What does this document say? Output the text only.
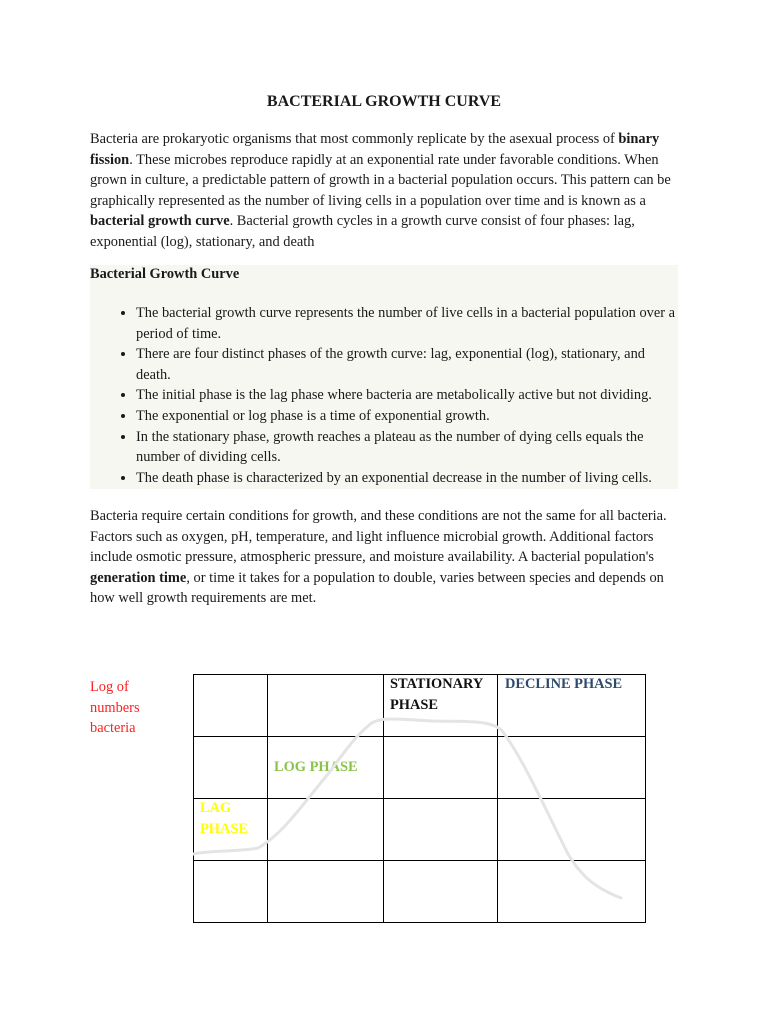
BACTERIAL GROWTH CURVE

Bacteria are prokaryotic organisms that most commonly replicate by the asexual process of binary fission. These microbes reproduce rapidly at an exponential rate under favorable conditions. When grown in culture, a predictable pattern of growth in a bacterial population occurs. This pattern can be graphically represented as the number of living cells in a population over time and is known as a bacterial growth curve. Bacterial growth cycles in a growth curve consist of four phases: lag, exponential (log), stationary, and death

Bacterial Growth Curve
• The bacterial growth curve represents the number of live cells in a bacterial population over a period of time.
• There are four distinct phases of the growth curve: lag, exponential (log), stationary, and death.
• The initial phase is the lag phase where bacteria are metabolically active but not dividing.
• The exponential or log phase is a time of exponential growth.
• In the stationary phase, growth reaches a plateau as the number of dying cells equals the number of dividing cells.
• The death phase is characterized by an exponential decrease in the number of living cells.

Bacteria require certain conditions for growth, and these conditions are not the same for all bacteria. Factors such as oxygen, pH, temperature, and light influence microbial growth. Additional factors include osmotic pressure, atmospheric pressure, and moisture availability. A bacterial population's generation time, or time it takes for a population to double, varies between species and depends on how well growth requirements are met.

Log of numbers bacteria

LAG PHASE
LOG PHASE
STATIONARY PHASE
DECLINE PHASE
